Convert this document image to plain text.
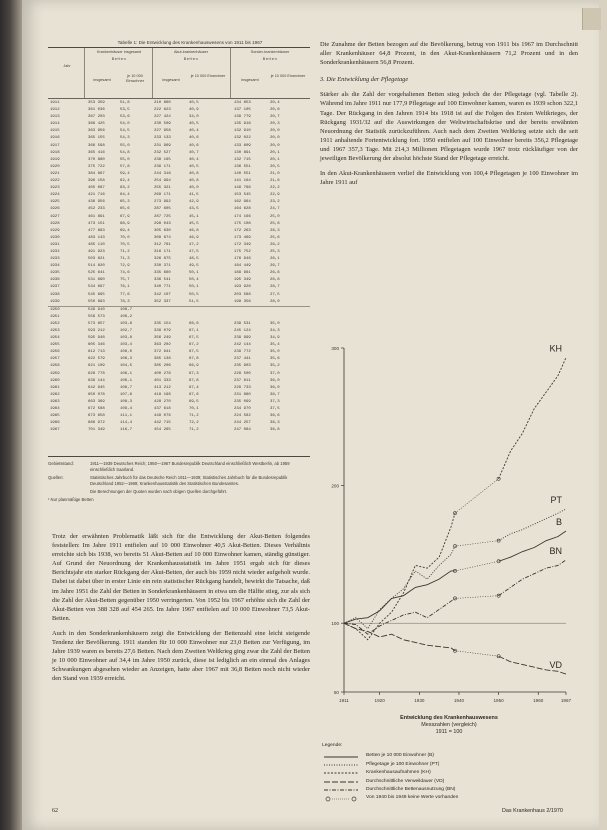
Tabelle 1: Die Entwicklung des Krankenhauswesens von 1911 bis 1967
Jahr
Krankenhäuser insgesamt
Betten
Akut-krankenhäuser
Betten
Sonder-krankenhäuser
Betten
insgesamt
je 10 000 Einwohner	insgesamt
je 10 000 Einwohner
insgesamt
je 10 000 Einwohner
1911	353 359	51,8	210 860	40,5	134 653	20,4
1912	361 036	53,5	222 623	40,9	137 105	20,6
1913	367 203	53,6	227 424	34,0	139 779	20,7
1914	366 425	54,0	230 509	40,5	135 916	20,3
1915	363 956	54,5	227 958	40,4	132 910	20,0
1916	365 155	54,3	233 133	40,6	132 022	20,0
1917	366 598	55,0	231 969	40,6	133 609	20,0
1918	365 416	54,8	232 527	40,7	130 891	20,1
1919	370 880	55,0	238 165	40,4	132 715	20,1
1920	375 722	57,8	239 171	40,5	136 551	20,5
1921	384 867	59,4	244 316	40,8	140 551	21,0
1922	396 158	62,4	254 994	40,8	141 164	21,6
1923	405 087	63,2	255 321	40,0	149 766	22,2
1924	421 716	64,4	268 171	41,5	153 545	22,9
1925	436 956	65,3	273 992	42,9	162 964	23,2
1926	452 233	65,6	287 605	43,5	164 628	24,7
1927	461 891	67,9	287 725	45,1	174 166	25,0
1928	473 151	68,9	298 043	45,5	175 108	25,8
1929	477 893	69,4	305 630	46,8	172 263	26,3
1930	483 143	70,0	309 674	46,9	173 469	25,6
1931	485 110	70,5	312 761	47,2	172 349	26,2
1932	491 923	71,2	316 171	47,5	175 752	25,3
1933	503 821	71,3	326 875	48,5	176 946	26,1
1934	514 820	72,9	330 371	49,5	184 449	26,7
1935	525 641	74,6	335 680	50,1	189 961	26,8
1936	531 890	75,7	336 541	50,4	195 349	26,8
1937	534 697	76,1	340 771	50,1	193 926	26,7
1938	545 695	77,6	342 107	50,5	203 588	27,5
1939	550 693	78,3	352 337	51,5	198 356	28,0
1950	549 910	108,7
1951	556 573	108,2
1952	573 657	103,8	335 154	66,6	239 531	35,0
1953	593 212	102,7	339 079	67,1	245 124	34,3
1954	595 948	103,8	356 249	67,5	239 999	34,9
1955	605 346	103,4	363 202	67,2	242 144	35,4
1956	612 713	108,0	372 941	67,5	239 772	35,0
1957	622 579	106,3	385 138	67,8	237 441	35,6
1958	621 109	104,5	385 206	66,9	235 903	35,2
1959	628 778	106,1	400 278	67,3	228 500	37,0
1960	639 144	106,1	401 333	67,8	237 811	36,0
1961	642 945	106,7	413 212	67,4	229 733	36,0
1962	650 078	107,6	418 198	67,6	231 880	36,7
1963	663 369	108,3	428 270	69,5	235 099	37,3
1964	672 588	109,4	437 618	70,1	234 970	37,5
1965	673 658	111,1	449 076	71,2	224 582	36,6
1966	686 972	114,4	442 715	72,2	244 257	36,3
1967	701 349	116,7	454 265	71,2	247 084	36,8
Gebietsstand:	1911—1939 Deutsches Reich; 1950—1967 Bundesrepublik Deutschland einschließlich Westberlin, ab 1959 einschließlich Saarland.
Quellen:	Statistisches Jahrbuch für das Deutsche Reich 1911—1939; Statistisches Jahrbuch für die Bundesrepublik Deutschland 1952—1969; Krankenhausstatistik des Statistischen Bundesamtes.
Die Berechnungen der Quoten wurden nach obigen Quellen durchgeführt.
¹ Nur planmäßige Betten

Trotz der erwähnten Problematik läßt sich für die Entwicklung der Akut-Betten folgendes feststellen: Im Jahre 1911 entfielen auf 10 000 Einwohner 40,5 Akut-Betten. Dieses Verhältnis erreichte sich bis 1938, wo bereits 51 Akut-Betten auf 10 000 Einwohner kamen, ständig günstiger. Auf Grund der Neuordnung der Krankenhausstatistik im Jahre 1951 ergab sich für dieses Berichtsjahr ein starker Rückgang der Akut-Betten, der auch bis 1959 nicht wieder aufgeholt wurde. Dabei ist dabei über in erster Linie ein rein statistischer Rückgang handelt, bewirkt die Tatsache, daß im Jahre 1951 die Zahl der Betten in Sonderkrankenhäusern in etwa um die Hälfte stieg, zur als sich die Zahl der Akut-Betten gegenüber 1950 verringerten. Von 1952 bis 1967 erhöhte sich die Zahl der Akut-Betten von 388 328 auf 454 265. Im Jahre 1967 entfielen auf 10 000 Einwohner 73,5 Akut-Betten.

Auch in den Sonderkrankenhäusern zeigt die Entwicklung der Bettenzahl eine leicht steigende Tendenz der Bevölkerung. 1911 standen für 10 000 Einwohner nur 23,0 Betten zur Verfügung, im Jahre 1939 waren es bereits 27,6 Betten. Nach dem Zweiten Weltkrieg ging zwar die Zahl der Betten je 10 000 Einwohner auf 34,4 im Jahre 1950 zurück, diese ist lediglich an ein einmal des Anlages Schwankungen abgesehen wieder an Anzeigen, hatte aber 1967 mit 36,8 Betten noch nicht wieder den Stand von 1939 erreicht.

Die Zunahme der Betten bezogen auf die Bevölkerung, betrug von 1911 bis 1967 im Durchschnitt aller Krankenhäuser 64,8 Prozent, in den Akut-Krankenhäusern 71,2 Prozent und in den Sonderkrankenhäusern 56,8 Prozent.

3. Die Entwicklung der Pflegetage

Stärker als die Zahl der vorgehaltenen Betten stieg jedoch die der Pflegetage (vgl. Tabelle 2). Während im Jahre 1911 nur 177,9 Pflegetage auf 100 Einwohner kamen, waren es 1939 schon 322,1 Tage. Der Rückgang in den Jahren 1914 bis 1918 ist auf die Folgen des Ersten Weltkrieges, der Rückgang 1931/32 auf die Auswirkungen der Weltwirtschaftskrise und der bereits erwähnten Neuordnung der Statistik zurückzuführen. Auch nach dem Zweiten Weltkrieg setzte sich die seit 1911 anhaltende Fortentwicklung fort. 1950 entfielen auf 100 Einwohner bereits 356,2 Pflegetage und 1967 357,3 Tage. Mit 214,3 Millionen Pflegetagen wurde 1967 trotz rückläufiger von der jeweiligen Bevölkerung der absolut höchste Stand der Pflegetage erreicht.

In den Akut-Krankenhäusern verlief die Entwicklung von 100,4 Pflegetagen je 100 Einwohner im Jahre 1911 auf

50
100
200
300
1911	1920	1930	1940	1950	1960	1967
KH
PT
B
BN
VD
Entwicklung des Krankenhauswesens
Messzahlen (vergleich)
1911 = 100
Legende:
Betten je 10 000 Einwohner (B)
Pflegetage je 100 Einwohner (PT)
Krankenhausaufnahmen (KH)
Durchschnittliche Verweildauer (VD)
Durchschnittliche Bettenausnutzung (BN)
Von 1940 bis 1949 keine Werte vorhanden
62	Das Krankenhaus 2/1970
